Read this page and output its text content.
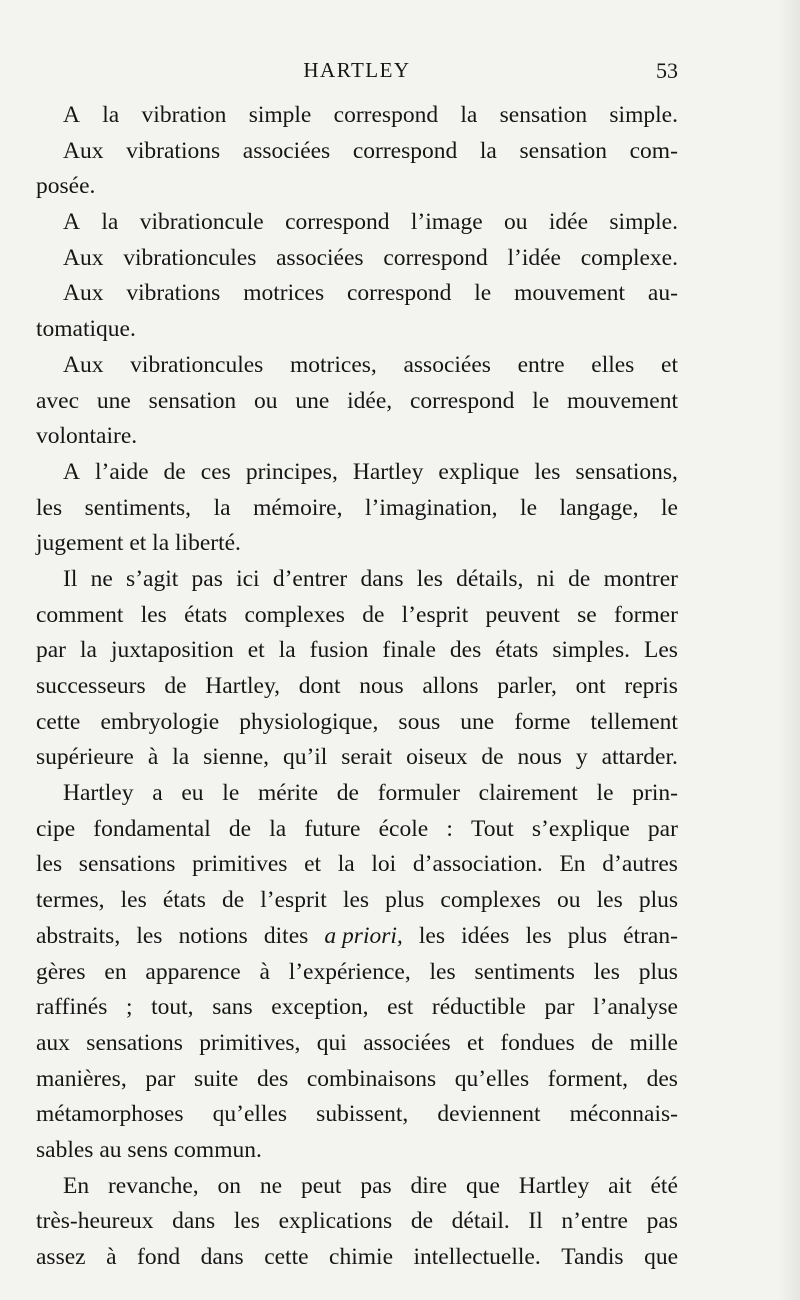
HARTLEY	53
A la vibration simple correspond la sensation simple.
Aux vibrations associées correspond la sensation com-
posée.
A la vibrationcule correspond l’image ou idée simple.
Aux vibrationcules associées correspond l’idée complexe.
Aux vibrations motrices correspond le mouvement au-
tomatique.
Aux vibrationcules motrices, associées entre elles et
avec une sensation ou une idée, correspond le mouvement
volontaire.
A l’aide de ces principes, Hartley explique les sensations,
les sentiments, la mémoire, l’imagination, le langage, le
jugement et la liberté.
Il ne s’agit pas ici d’entrer dans les détails, ni de montrer
comment les états complexes de l’esprit peuvent se former
par la juxtaposition et la fusion finale des états simples. Les
successeurs de Hartley, dont nous allons parler, ont repris
cette embryologie physiologique, sous une forme tellement
supérieure à la sienne, qu’il serait oiseux de nous y attarder.
Hartley a eu le mérite de formuler clairement le prin-
cipe fondamental de la future école : Tout s’explique par
les sensations primitives et la loi d’association. En d’autres
termes, les états de l’esprit les plus complexes ou les plus
abstraits, les notions dites a priori, les idées les plus étran-
gères en apparence à l’expérience, les sentiments les plus
raffinés ; tout, sans exception, est réductible par l’analyse
aux sensations primitives, qui associées et fondues de mille
manières, par suite des combinaisons qu’elles forment, des
métamorphoses qu’elles subissent, deviennent méconnais-
sables au sens commun.
En revanche, on ne peut pas dire que Hartley ait été
très-heureux dans les explications de détail. Il n’entre pas
assez à fond dans cette chimie intellectuelle. Tandis que
